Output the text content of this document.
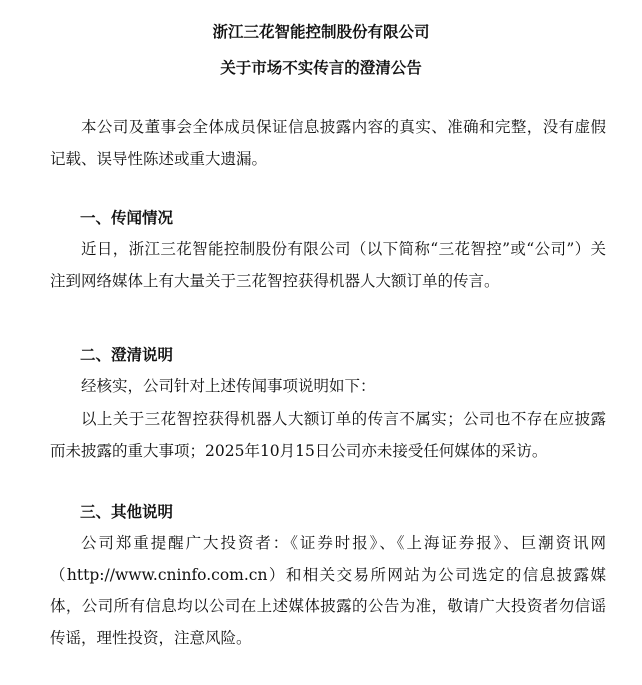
浙江三花智能控制股份有限公司
关于市场不实传言的澄清公告

本公司及董事会全体成员保证信息披露内容的真实、准确和完整，没有虚假记载、误导性陈述或重大遗漏。

一、传闻情况

近日，浙江三花智能控制股份有限公司（以下简称“三花智控”或“公司”）关注到网络媒体上有大量关于三花智控获得机器人大额订单的传言。

二、澄清说明

经核实，公司针对上述传闻事项说明如下：

以上关于三花智控获得机器人大额订单的传言不属实；公司也不存在应披露而未披露的重大事项；2025年10月15日公司亦未接受任何媒体的采访。

三、其他说明

公司郑重提醒广大投资者：《证券时报》、《上海证券报》、巨潮资讯网（http://www.cninfo.com.cn）和相关交易所网站为公司选定的信息披露媒体，公司所有信息均以公司在上述媒体披露的公告为准，敬请广大投资者勿信谣传谣，理性投资，注意风险。
